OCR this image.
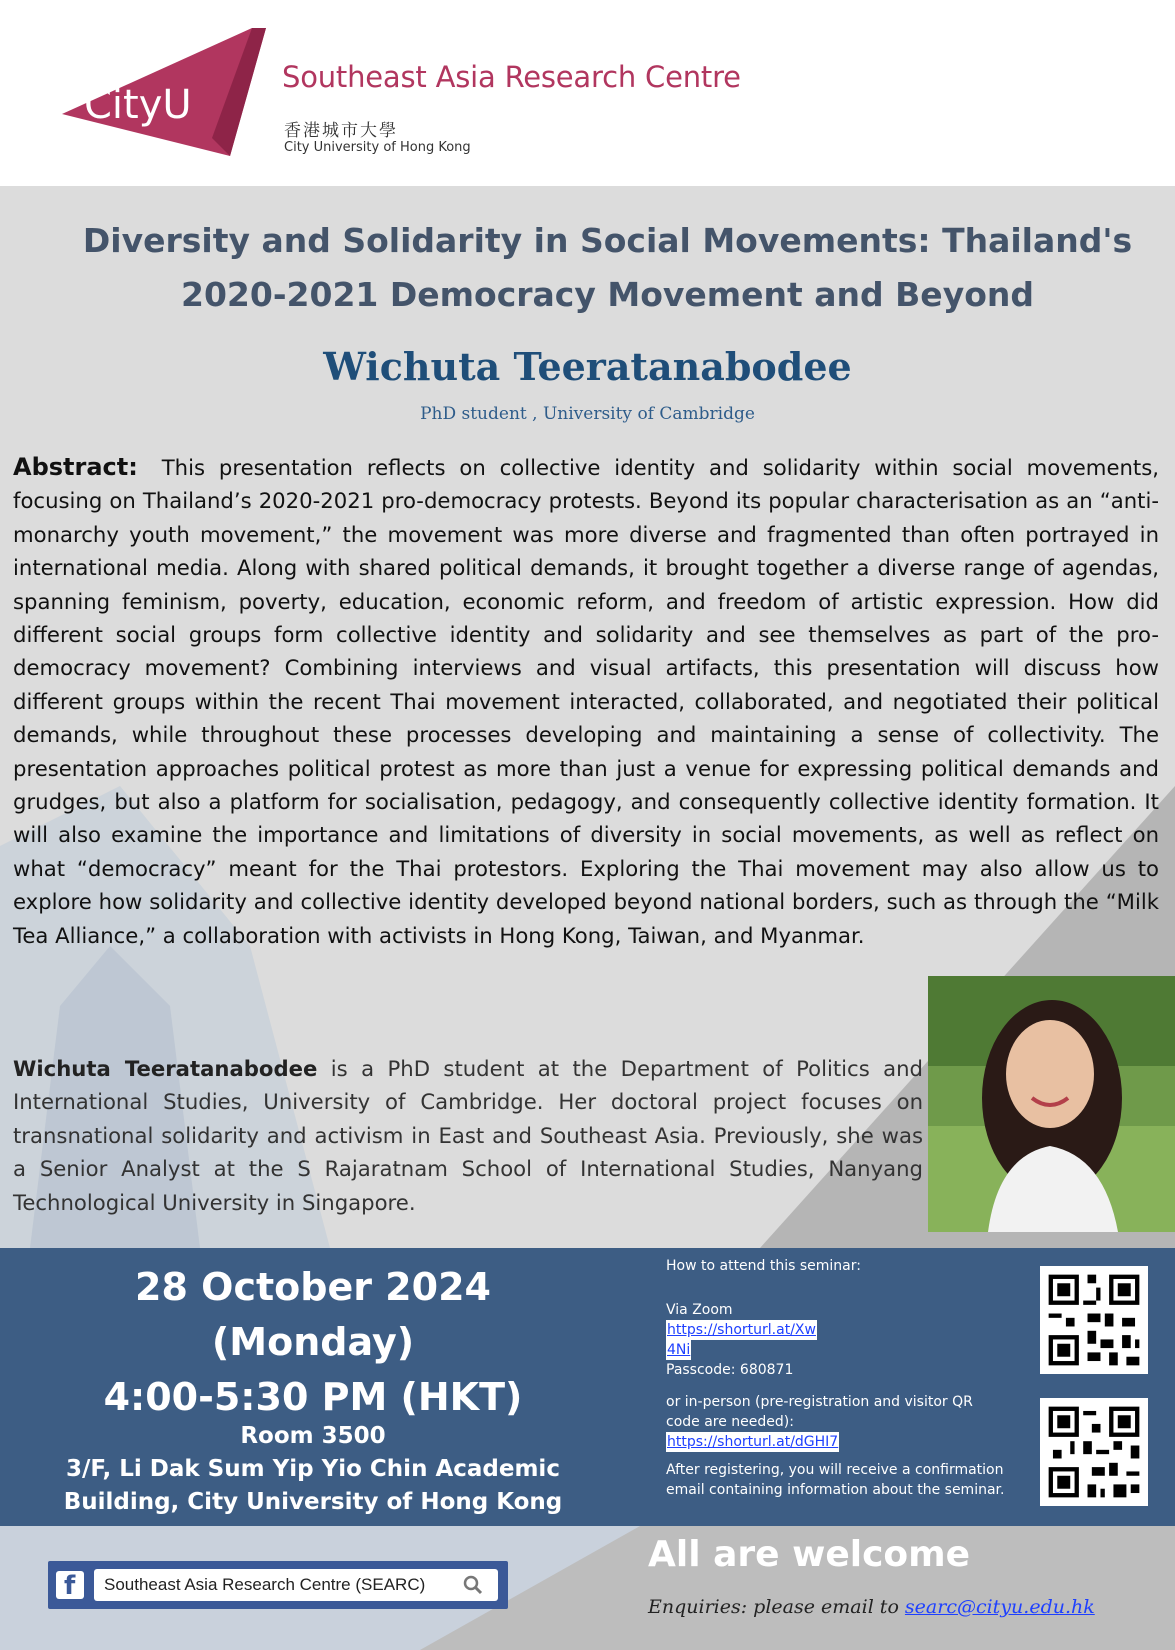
CityU
Southeast Asia Research Centre
香港城市大學
City University of Hong Kong
Diversity and Solidarity in Social Movements: Thailand's
2020-2021 Democracy Movement and Beyond
Wichuta Teeratanabodee
PhD student , University of Cambridge
Abstract: This presentation reflects on collective identity and solidarity within social movements, focusing on Thailand’s 2020-2021 pro-democracy protests. Beyond its popular characterisation as an “anti-monarchy youth movement,” the movement was more diverse and fragmented than often portrayed in international media. Along with shared political demands, it brought together a diverse range of agendas, spanning feminism, poverty, education, economic reform, and freedom of artistic expression. How did different social groups form collective identity and solidarity and see themselves as part of the pro-democracy movement? Combining interviews and visual artifacts, this presentation will discuss how different groups within the recent Thai movement interacted, collaborated, and negotiated their political demands, while throughout these processes developing and maintaining a sense of collectivity. The presentation approaches political protest as more than just a venue for expressing political demands and grudges, but also a platform for socialisation, pedagogy, and consequently collective identity formation. It will also examine the importance and limitations of diversity in social movements, as well as reflect on what “democracy” meant for the Thai protestors. Exploring the Thai movement may also allow us to explore how solidarity and collective identity developed beyond national borders, such as through the “Milk Tea Alliance,” a collaboration with activists in Hong Kong, Taiwan, and Myanmar.
Wichuta Teeratanabodee is a PhD student at the Department of Politics and International Studies, University of Cambridge. Her doctoral project focuses on transnational solidarity and activism in East and Southeast Asia. Previously, she was a Senior Analyst at the S Rajaratnam School of International Studies, Nanyang Technological University in Singapore.
28 October 2024
(Monday)
4:00-5:30 PM (HKT)
Room 3500
3/F, Li Dak Sum Yip Yio Chin Academic
Building, City University of Hong Kong
How to attend this seminar:
Via Zoom
https://shorturl.at/Xw
4Ni
Passcode: 680871
or in-person (pre-registration and visitor QR code are needed):
https://shorturl.at/dGHI7
After registering, you will receive a confirmation email containing information about the seminar.
f Southeast Asia Research Centre (SEARC)
All are welcome
Enquiries: please email to searc@cityu.edu.hk
